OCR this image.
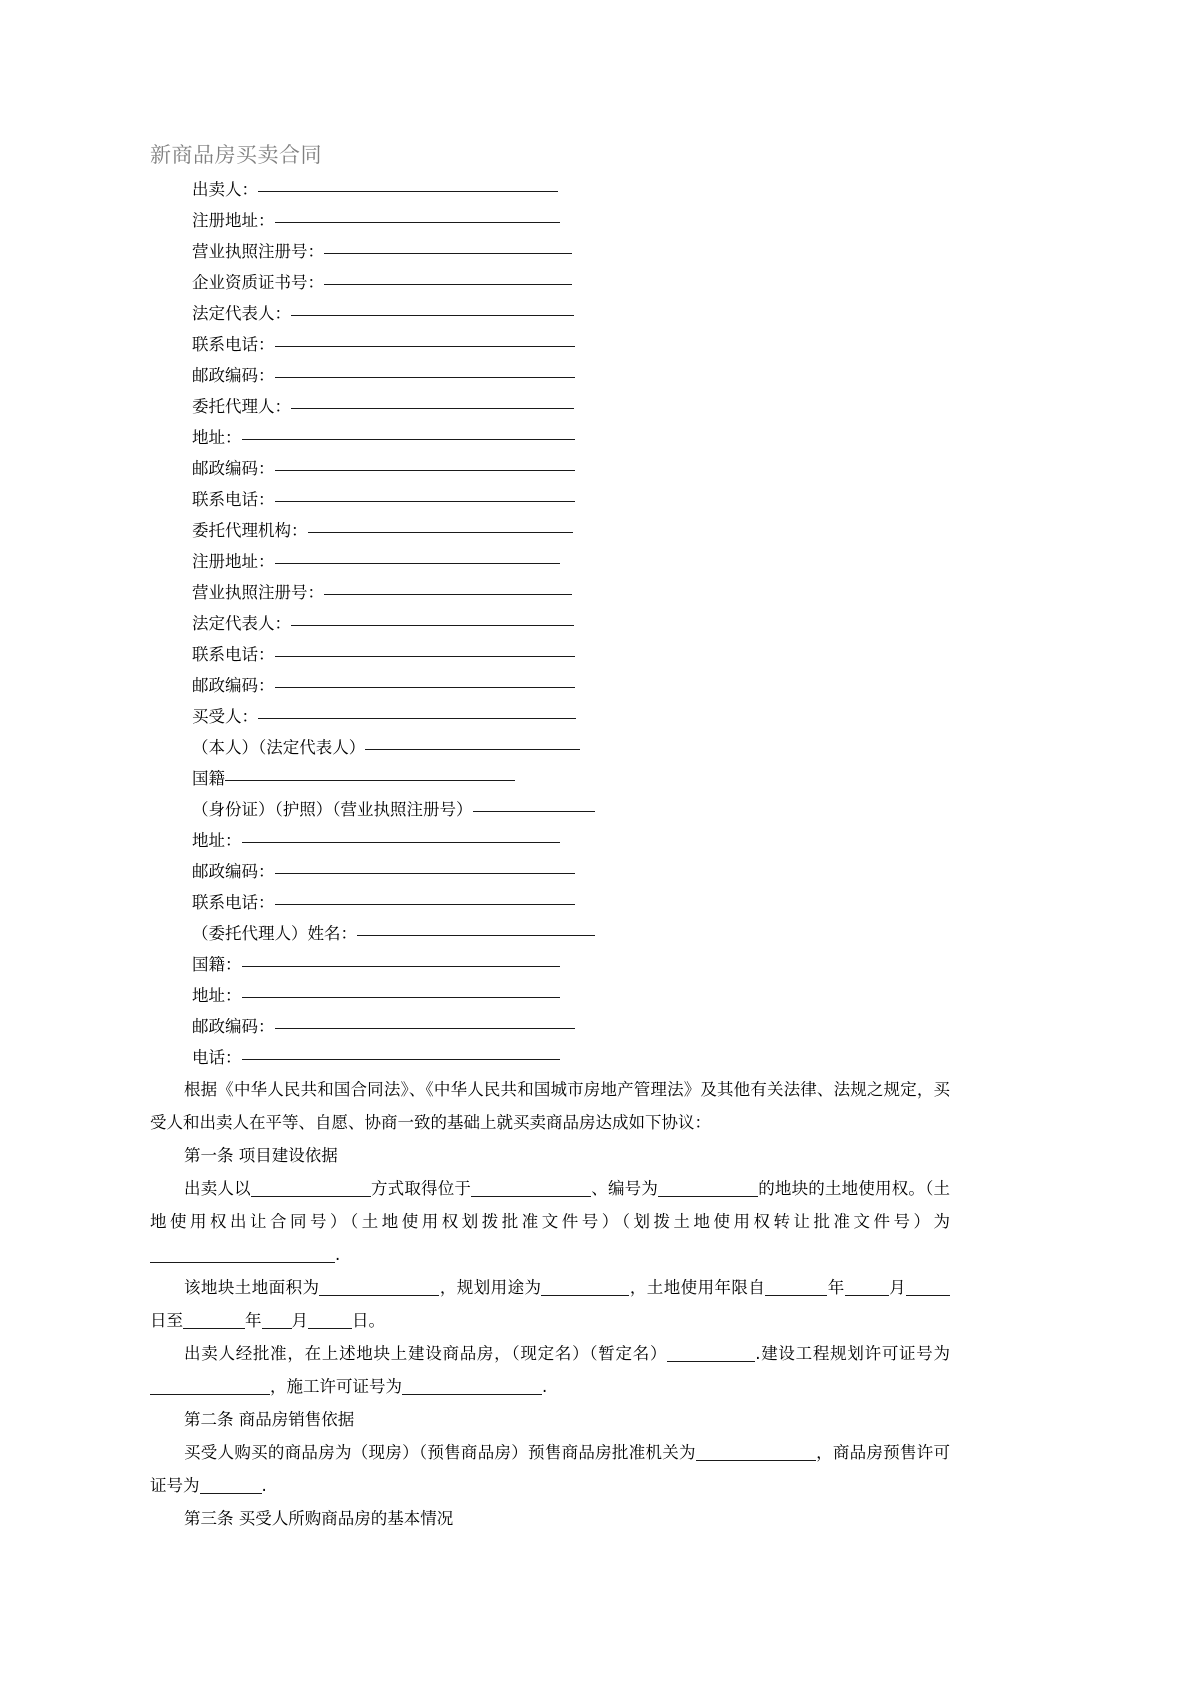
新商品房买卖合同
出卖人：
注册地址：
营业执照注册号：
企业资质证书号：
法定代表人：
联系电话：
邮政编码：
委托代理人：
地址：
邮政编码：
联系电话：
委托代理机构：
注册地址：
营业执照注册号：
法定代表人：
联系电话：
邮政编码：
买受人：
（本人）（法定代表人）
国籍
（身份证）（护照）（营业执照注册号）
地址：
邮政编码：
联系电话：
（委托代理人）姓名：
国籍：
地址：
邮政编码：
电话：

根据《中华人民共和国合同法》、《中华人民共和国城市房地产管理法》及其他有关法律、法规之规定，买受人和出卖人在平等、自愿、协商一致的基础上就买卖商品房达成如下协议：

第一条 项目建设依据

出卖人以	方式取得位于	、编号为	的地块的土地使用权。（土地使用权出让合同号）（土地使用权划拨批准文件号）（划拨土地使用权转让批准文件号）为.

该地块土地面积为	，规划用途为	，土地使用年限自	年	月日至	年 月	日。

出卖人经批准，在上述地块上建设商品房，（现定名）（暂定名）	.建设工程规划许可证号为，施工许可证号为	.

第二条 商品房销售依据

买受人购买的商品房为（现房）（预售商品房）预售商品房批准机关为	，商品房预售许可证号为	.

第三条 买受人所购商品房的基本情况
